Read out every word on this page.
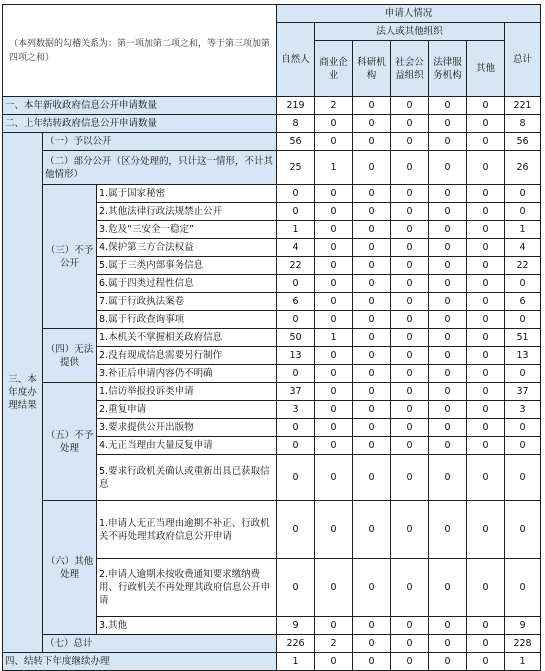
（本列数据的勾稽关系为：第一项加第二项之和，等于第三项加第四项之和）			申请人情况						
			自然人	法人或其他组织					总计
				商业企业	科研机构	社会公益组织	法律服务机构	其他	
一、本年新收政府信息公开申请数量			219	2	0	0	0	0	221
二、上年结转政府信息公开申请数量			8	0	0	0	0	0	8
三、本年度办理结果	（一）予以公开		56	0	0	0	0	0	56
	（二）部分公开（区分处理的，只计这一情形，不计其他情形）		25	1	0	0	0	0	26
	（三）不予公开	1.属于国家秘密	0	0	0	0	0	0	0
		2.其他法律行政法规禁止公开	0	0	0	0	0	0	0
		3.危及“三安全一稳定”	1	0	0	0	0	0	1
		4.保护第三方合法权益	4	0	0	0	0	0	4
		5.属于三类内部事务信息	22	0	0	0	0	0	22
		6.属于四类过程性信息	0	0	0	0	0	0	0
		7.属于行政执法案卷	6	0	0	0	0	0	6
		8.属于行政查询事项	0	0	0	0	0	0	0
	（四）无法提供	1.本机关不掌握相关政府信息	50	1	0	0	0	0	51
		2.没有现成信息需要另行制作	13	0	0	0	0	0	13
		3.补正后申请内容仍不明确	0	0	0	0	0	0	0
	（五）不予处理	1.信访举报投诉类申请	37	0	0	0	0	0	37
		2.重复申请	3	0	0	0	0	0	3
		3.要求提供公开出版物	0	0	0	0	0	0	0
		4.无正当理由大量反复申请	0	0	0	0	0	0	0
		5.要求行政机关确认或重新出具已获取信息	0	0	0	0	0	0	0
	（六）其他处理	1.申请人无正当理由逾期不补正、行政机关不再处理其政府信息公开申请	0	0	0	0	0	0	0
		2.申请人逾期未按收费通知要求缴纳费用、行政机关不再处理其政府信息公开申请	0	0	0	0	0	0	0
		3.其他	9	0	0	0	0	0	9
	（七）总计		226	2	0	0	0	0	228
四、结转下年度继续办理			1	0	0	0	0	0	1
